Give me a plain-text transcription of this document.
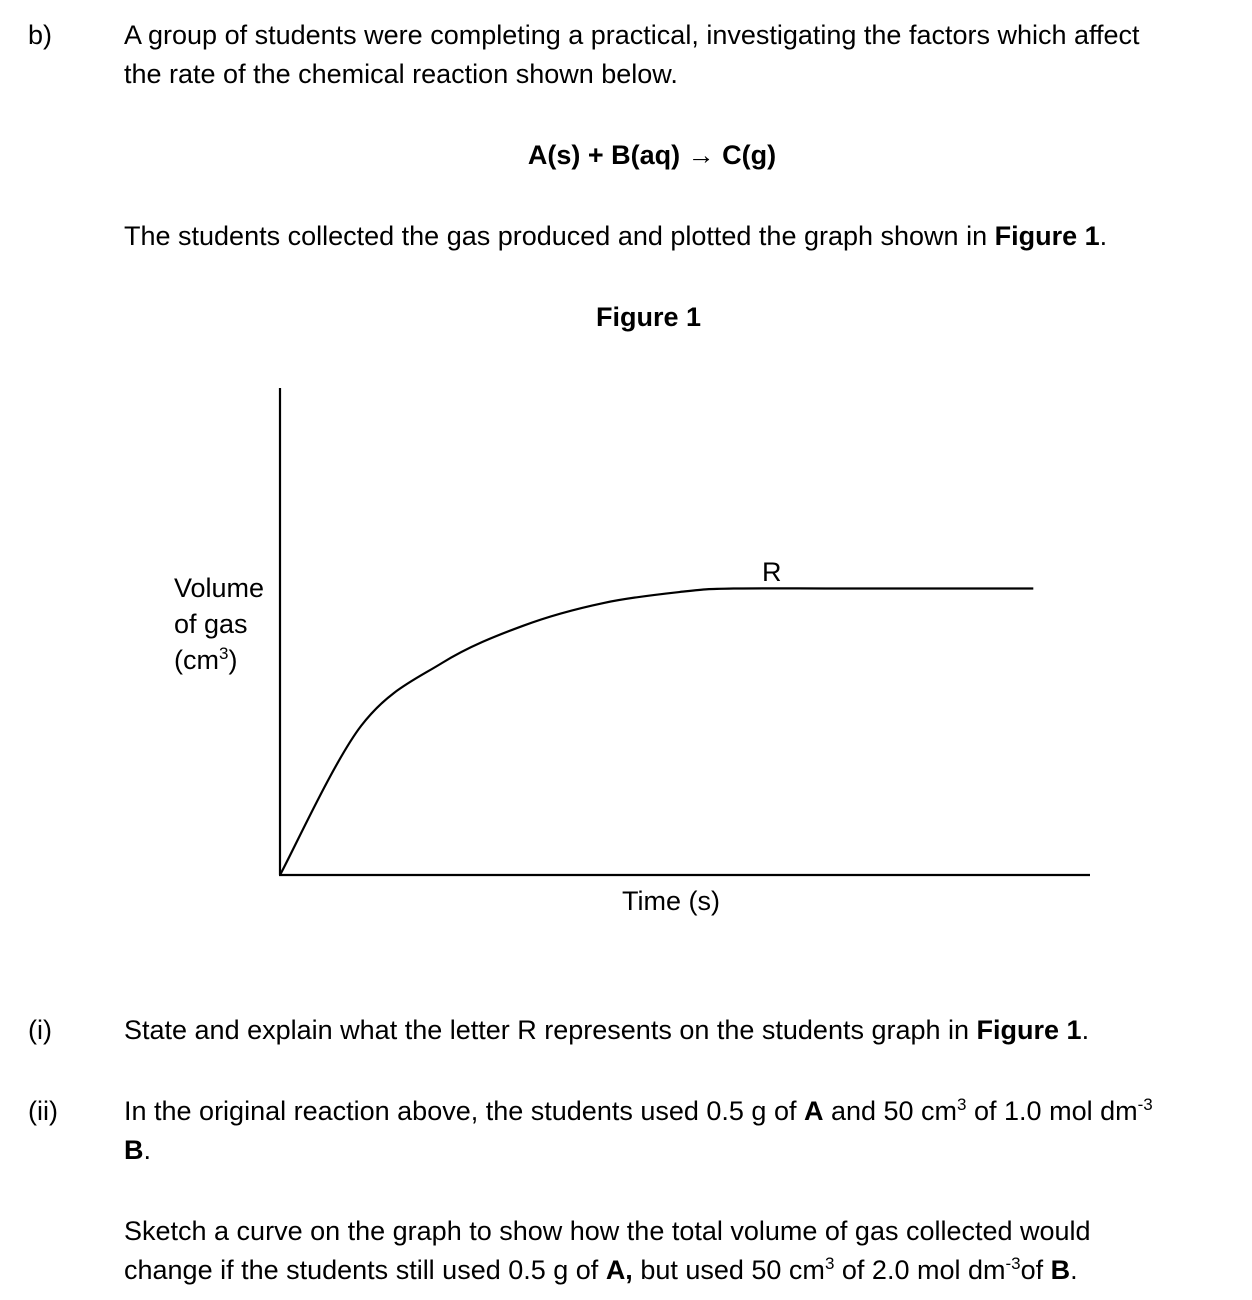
b)	A group of students were completing a practical, investigating the factors which affect
the rate of the chemical reaction shown below.
A(s) + B(aq) → C(g)
The students collected the gas produced and plotted the graph shown in Figure 1.
Figure 1
Volume
of gas
$(cm^3)$
R
Time (s)
(i)	State and explain what the letter R represents on the students graph in Figure 1.
(ii) In the original reaction above, the students used 0.5 g of A and 50 $cm^3$ of 1.0 mol $dm^{-3}$
B.
Sketch a curve on the graph to show how the total volume of gas collected would
change if the students still used 0.5 g of A, but used 50 $cm^3$ of 2.0 mol $dm^{-3}of$ B.
